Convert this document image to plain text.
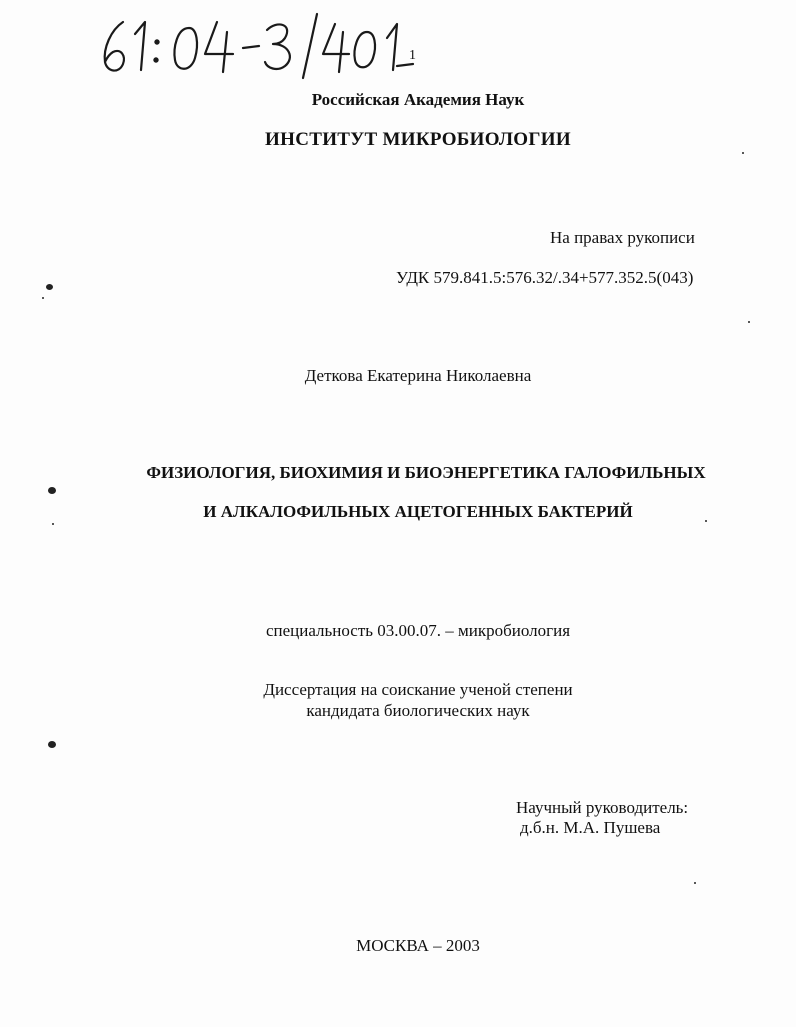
1
Российская Академия Наук
ИНСТИТУТ МИКРОБИОЛОГИИ
На правах рукописи
УДК 579.841.5:576.32/.34+577.352.5(043)
Деткова Екатерина Николаевна
ФИЗИОЛОГИЯ, БИОХИМИЯ И БИОЭНЕРГЕТИКА ГАЛОФИЛЬНЫХ
И АЛКАЛОФИЛЬНЫХ АЦЕТОГЕННЫХ БАКТЕРИЙ
специальность 03.00.07. – микробиология
Диссертация на соискание ученой степени
кандидата биологических наук
Научный руководитель:
д.б.н. М.А. Пушева
МОСКВА – 2003
